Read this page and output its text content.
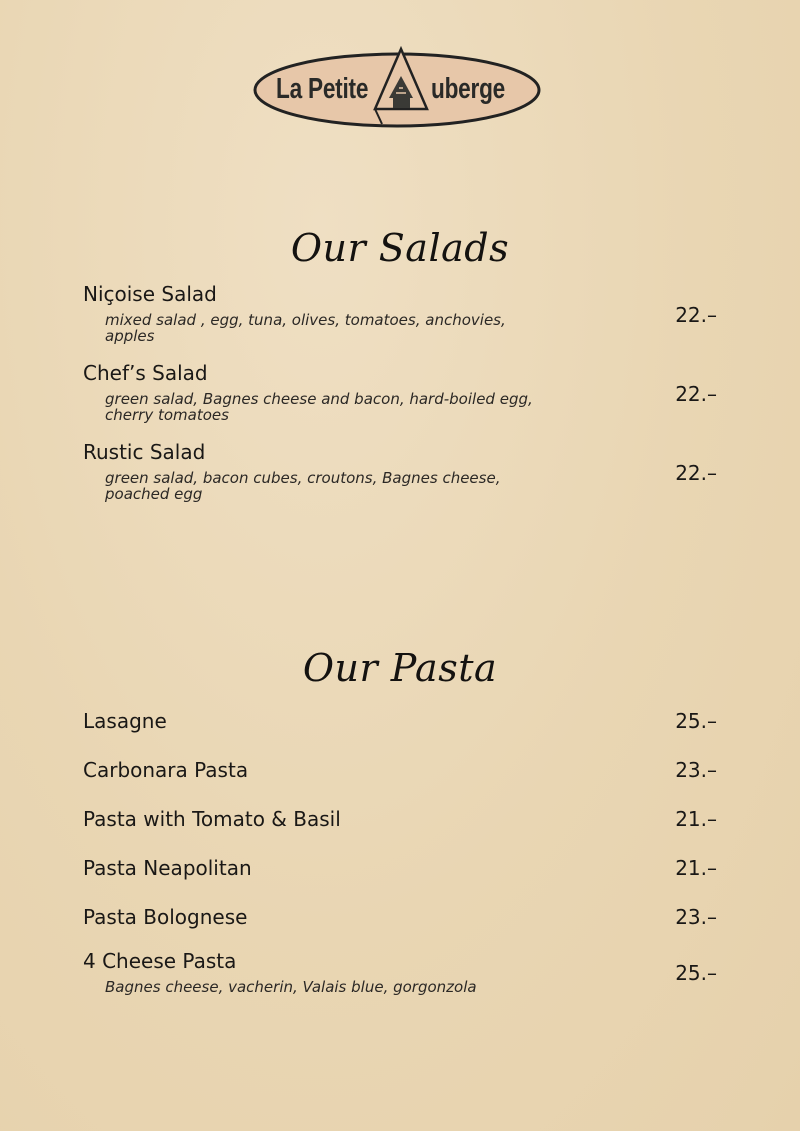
La Petite uberge
Our Salads
Niçoise Salad
mixed salad , egg, tuna, olives, tomatoes, anchovies,
apples
22.–
Chef’s Salad
green salad, Bagnes cheese and bacon, hard-boiled egg,
cherry tomatoes
22.–
Rustic Salad
green salad, bacon cubes, croutons, Bagnes cheese,
poached egg
22.–
Our Pasta
Lasagne	25.–
Carbonara Pasta	23.–
Pasta with Tomato & Basil	21.–
Pasta Neapolitan	21.–
Pasta Bolognese	23.–
4 Cheese Pasta
Bagnes cheese, vacherin, Valais blue, gorgonzola
25.–
